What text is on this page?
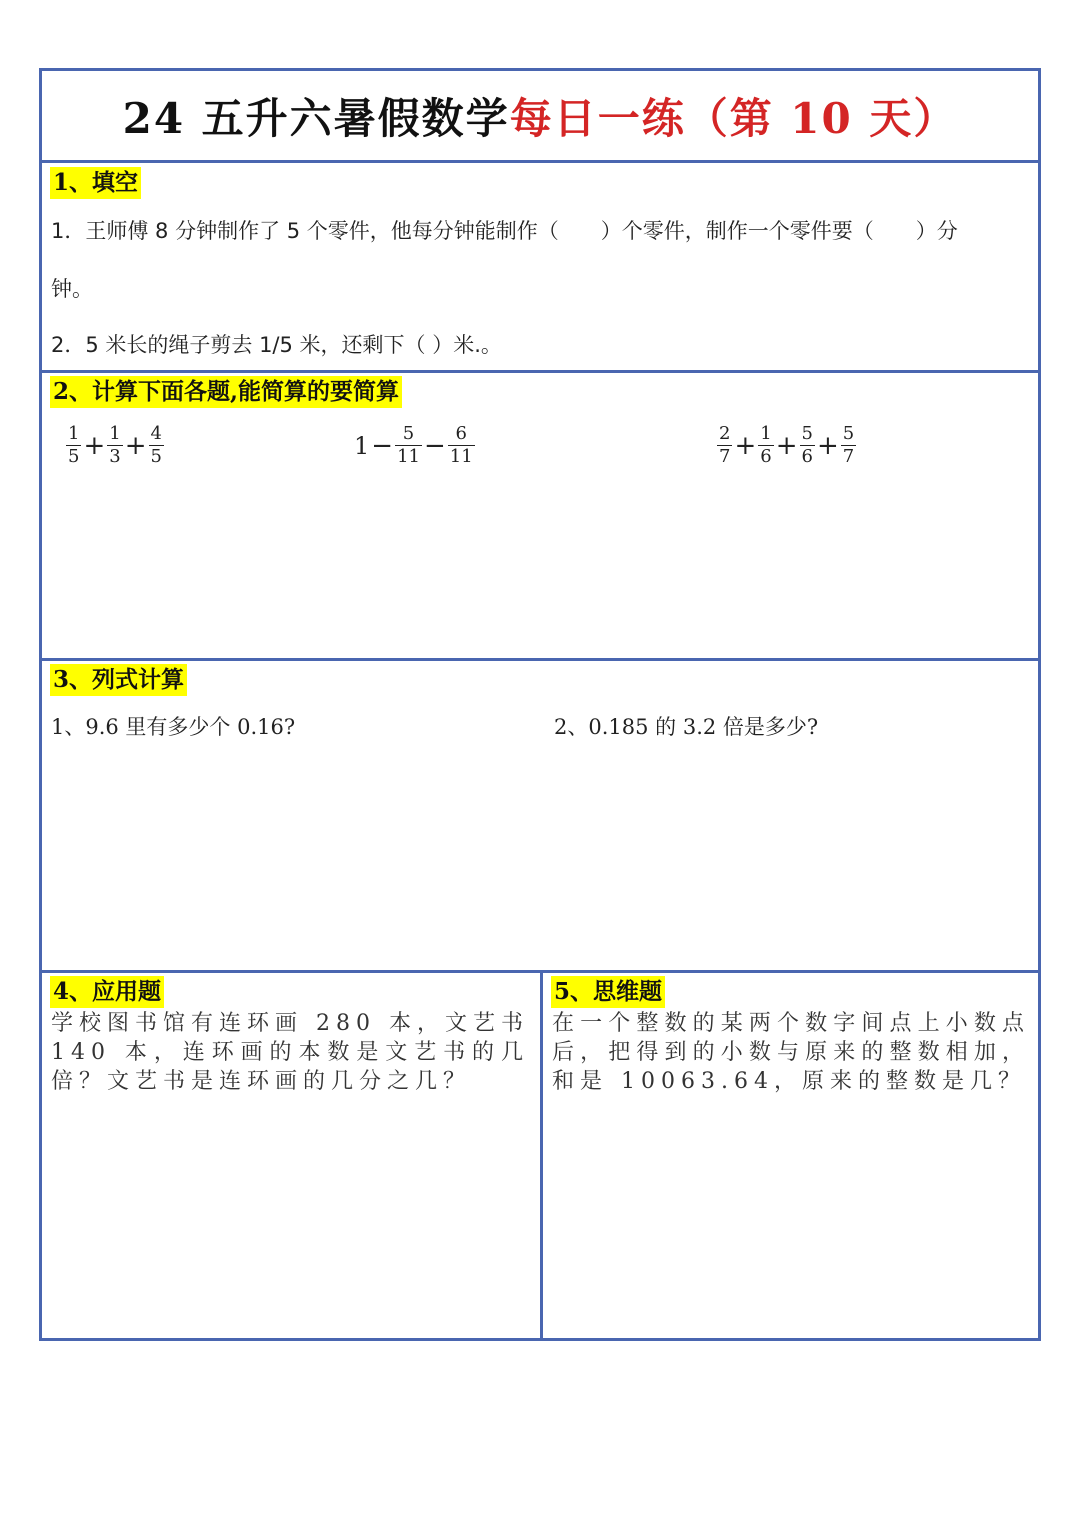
24 五升六暑假数学 每日一练（第 10 天）
1、填空
1．王师傅 8 分钟制作了 5 个零件，他每分钟能制作（　　）个零件，制作一个零件要（　　）分
钟。
2．5 米长的绳子剪去 1/5 米，还剩下（ ）米.。
2、计算下面各题,能简算的要简算
$\frac{1}{5} + \frac{1}{3} + \frac{4}{5}$	$1 - \frac{5}{11} - \frac{6}{11}$	$\frac{2}{7} + \frac{1}{6} + \frac{5}{6} + \frac{5}{7}$
3、列式计算
1、9.6 里有多少个 0.16?	2、0.185 的 3.2 倍是多少?
4、应用题
学校图书馆有连环画 280 本，文艺书 140 本，连环画的本数是文艺书的几倍？文艺书是连环画的几分之几？
5、思维题
在一个整数的某两个数字间点上小数点后，把得到的小数与原来的整数相加，和是 10063.64，原来的整数是几？
